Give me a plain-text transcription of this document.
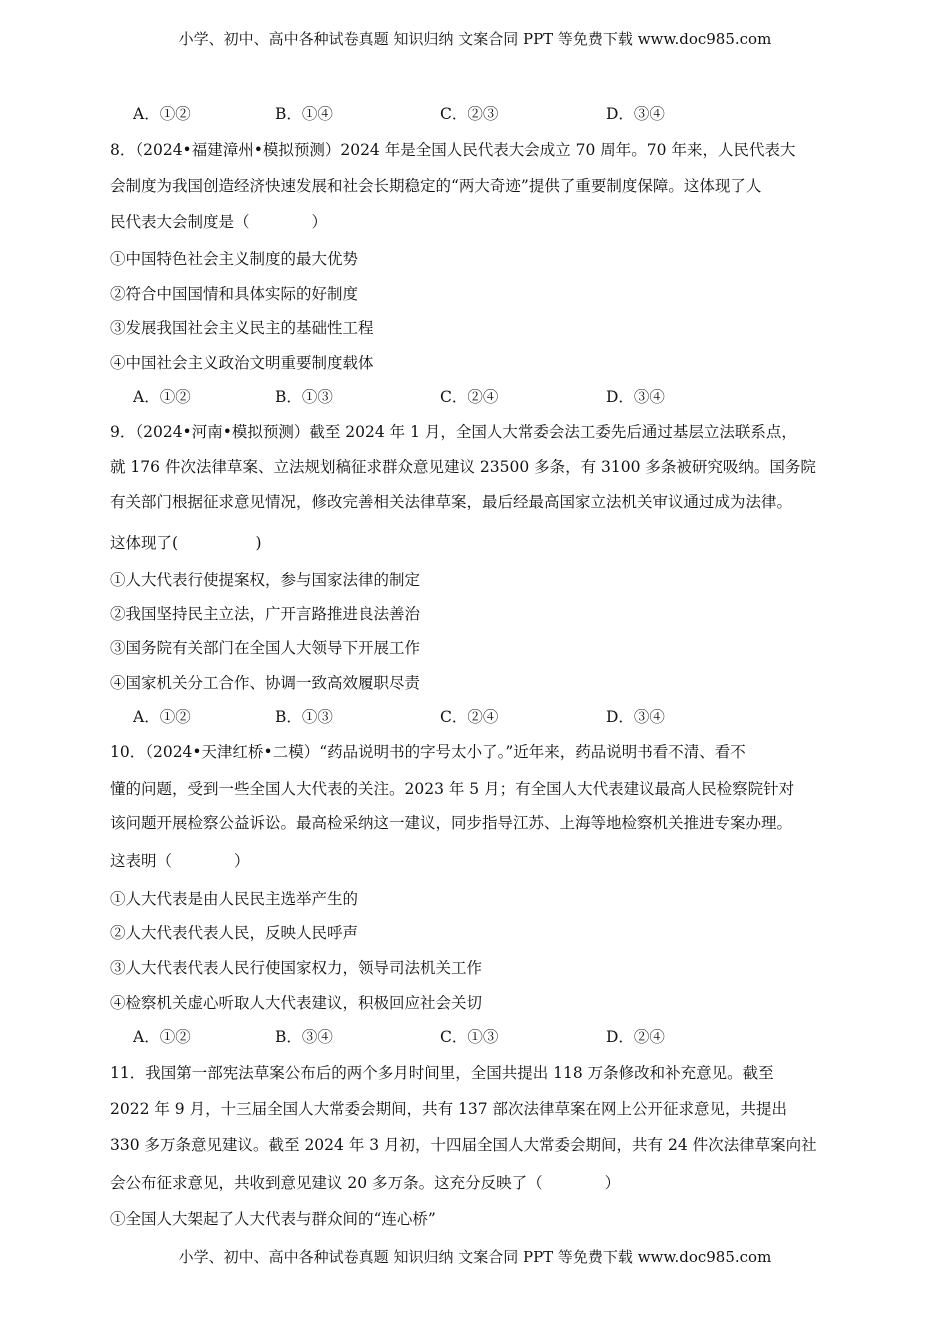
小学、初中、高中各种试卷真题 知识归纳 文案合同 PPT 等免费下载 www.doc985.com
A．①②	B．①④	C．②③	D．③④
8．（2024•福建漳州•模拟预测）2024 年是全国人民代表大会成立 70 周年。70 年来，人民代表大
会制度为我国创造经济快速发展和社会长期稳定的“两大奇迹”提供了重要制度保障。这体现了人
民代表大会制度是（　　　　）
①中国特色社会主义制度的最大优势
②符合中国国情和具体实际的好制度
③发展我国社会主义民主的基础性工程
④中国社会主义政治文明重要制度载体
A．①②	B．①③	C．②④	D．③④
9．（2024•河南•模拟预测）截至 2024 年 1 月，全国人大常委会法工委先后通过基层立法联系点，
就 176 件次法律草案、立法规划稿征求群众意见建议 23500 多条，有 3100 多条被研究吸纳。国务院
有关部门根据征求意见情况，修改完善相关法律草案，最后经最高国家立法机关审议通过成为法律。
这体现了(　　　　　)
①人大代表行使提案权，参与国家法律的制定
②我国坚持民主立法，广开言路推进良法善治
③国务院有关部门在全国人大领导下开展工作
④国家机关分工合作、协调一致高效履职尽责
A．①②	B．①③	C．②④	D．③④
10．（2024•天津红桥•二模）“药品说明书的字号太小了。”近年来，药品说明书看不清、看不
懂的问题，受到一些全国人大代表的关注。2023 年 5 月；有全国人大代表建议最高人民检察院针对
该问题开展检察公益诉讼。最高检采纳这一建议，同步指导江苏、上海等地检察机关推进专案办理。
这表明（　　　　）
①人大代表是由人民民主选举产生的
②人大代表代表人民，反映人民呼声
③人大代表代表人民行使国家权力，领导司法机关工作
④检察机关虚心听取人大代表建议，积极回应社会关切
A．①②	B．③④	C．①③	D．②④
11．我国第一部宪法草案公布后的两个多月时间里，全国共提出 118 万条修改和补充意见。截至
2022 年 9 月，十三届全国人大常委会期间，共有 137 部次法律草案在网上公开征求意见，共提出
330 多万条意见建议。截至 2024 年 3 月初，十四届全国人大常委会期间，共有 24 件次法律草案向社
会公布征求意见，共收到意见建议 20 多万条。这充分反映了（　　　　）
①全国人大架起了人大代表与群众间的“连心桥”
小学、初中、高中各种试卷真题 知识归纳 文案合同 PPT 等免费下载 www.doc985.com
